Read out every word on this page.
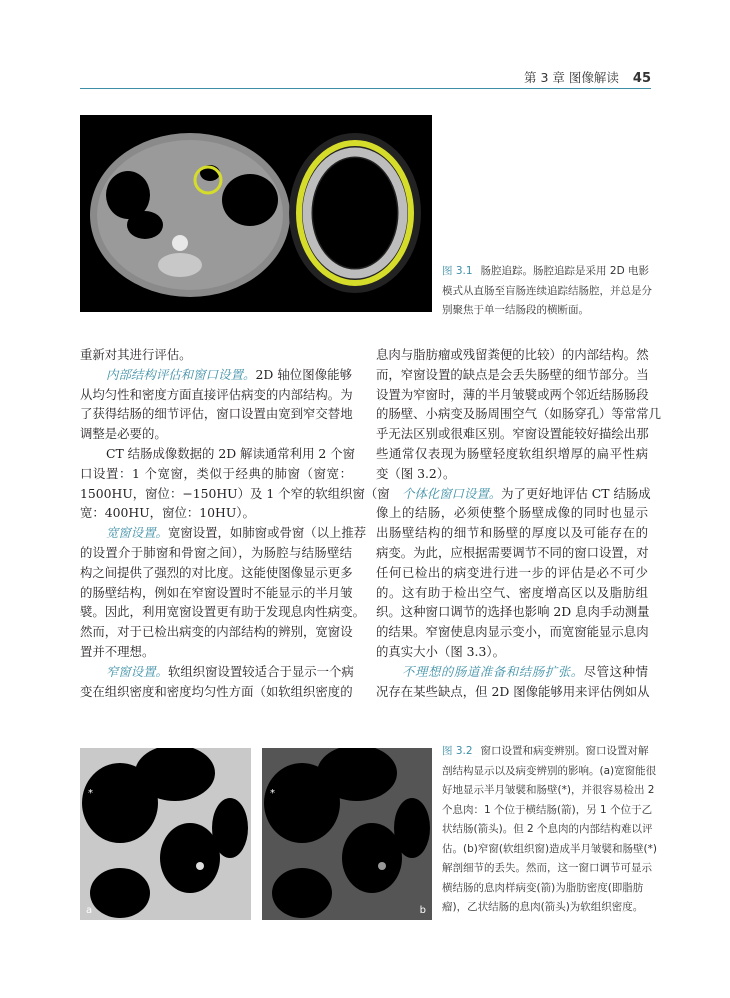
第 3 章 图像解读 45
图 3.1 肠腔追踪。肠腔追踪是采用 2D 电影模式从直肠至盲肠连续追踪结肠腔，并总是分别聚焦于单一结肠段的横断面。
重新对其进行评估。
内部结构评估和窗口设置。2D 轴位图像能够
从均匀性和密度方面直接评估病变的内部结构。为
了获得结肠的细节评估，窗口设置由宽到窄交替地
调整是必要的。
CT 结肠成像数据的 2D 解读通常利用 2 个窗
口设置：1 个宽窗，类似于经典的肺窗（窗宽：
1500HU，窗位：−150HU）及 1 个窄的软组织窗（窗
宽：400HU，窗位：10HU）。
宽窗设置。宽窗设置，如肺窗或骨窗（以上推荐
的设置介于肺窗和骨窗之间），为肠腔与结肠壁结
构之间提供了强烈的对比度。这能使图像显示更多
的肠壁结构，例如在窄窗设置时不能显示的半月皱
襞。因此，利用宽窗设置更有助于发现息肉性病变。
然而，对于已检出病变的内部结构的辨别，宽窗设
置并不理想。
窄窗设置。软组织窗设置较适合于显示一个病
变在组织密度和密度均匀性方面（如软组织密度的
息肉与脂肪瘤或残留粪便的比较）的内部结构。然
而，窄窗设置的缺点是会丢失肠壁的细节部分。当
设置为窄窗时，薄的半月皱襞或两个邻近结肠肠段
的肠壁、小病变及肠周围空气（如肠穿孔）等常常几
乎无法区别或很难区别。窄窗设置能较好描绘出那
些通常仅表现为肠壁轻度软组织增厚的扁平性病
变（图 3.2）。
个体化窗口设置。为了更好地评估 CT 结肠成
像上的结肠，必须使整个肠壁成像的同时也显示
出肠壁结构的细节和肠壁的厚度以及可能存在的
病变。为此，应根据需要调节不同的窗口设置，对
任何已检出的病变进行进一步的评估是必不可少
的。这有助于检出空气、密度增高区以及脂肪组
织。这种窗口调节的选择也影响 2D 息肉手动测量
的结果。窄窗使息肉显示变小，而宽窗能显示息肉
的真实大小（图 3.3）。
不理想的肠道准备和结肠扩张。尽管这种情
况存在某些缺点，但 2D 图像能够用来评估例如从
*
a
*
b
图 3.2 窗口设置和病变辨别。窗口设置对解剖结构显示以及病变辨别的影响。(a)宽窗能很好地显示半月皱襞和肠壁(*)，并很容易检出 2 个息肉：1 个位于横结肠(箭)，另 1 个位于乙状结肠(箭头)。但 2 个息肉的内部结构难以评估。(b)窄窗(软组织窗)造成半月皱襞和肠壁(*)解剖细节的丢失。然而，这一窗口调节可显示横结肠的息肉样病变(箭)为脂肪密度(即脂肪瘤)，乙状结肠的息肉(箭头)为软组织密度。
